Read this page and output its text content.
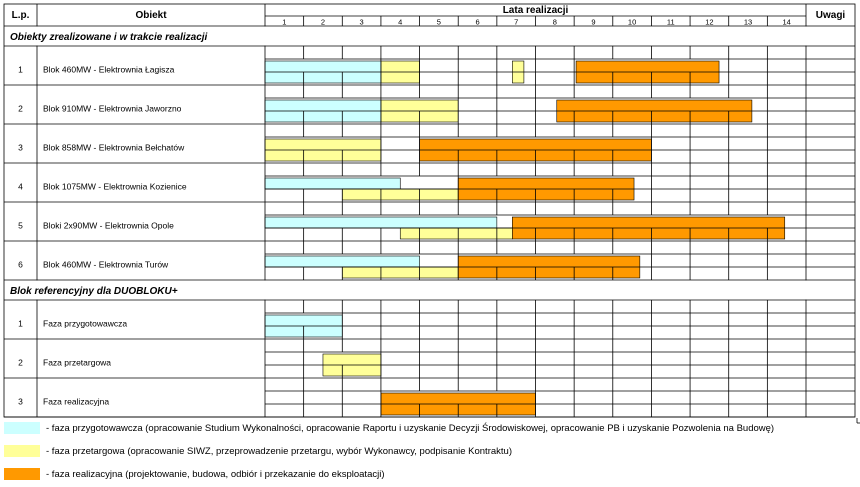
L.p.	Obiekt	Lata realizacji	Uwagi
1	2	3	4	5	6	7	8	9	10	11	12	13	14
Obiekty zrealizowane i w trakcie realizacji
1 Blok 460MW - Elektrownia Łagisza
2 Blok 910MW - Elektrownia Jaworzno
3 Blok 858MW - Elektrownia Bełchatów
4 Blok 1075MW - Elektrownia Kozienice
5 Bloki 2x90MW - Elektrownia Opole
6 Blok 460MW - Elektrownia Turów
Blok referencyjny dla DUOBLOKU+
1 Faza przygotowawcza
2 Faza przetargowa
3 Faza realizacyjna
- faza przygotowawcza (opracowanie Studium Wykonalności, opracowanie Raportu i uzyskanie Decyzji Środowiskowej, opracowanie PB i uzyskanie Pozwolenia na Budowę)
- faza przetargowa (opracowanie SIWZ, przeprowadzenie przetargu, wybór Wykonawcy, podpisanie Kontraktu)
- faza realizacyjna (projektowanie, budowa, odbiór i przekazanie do eksploatacji)
